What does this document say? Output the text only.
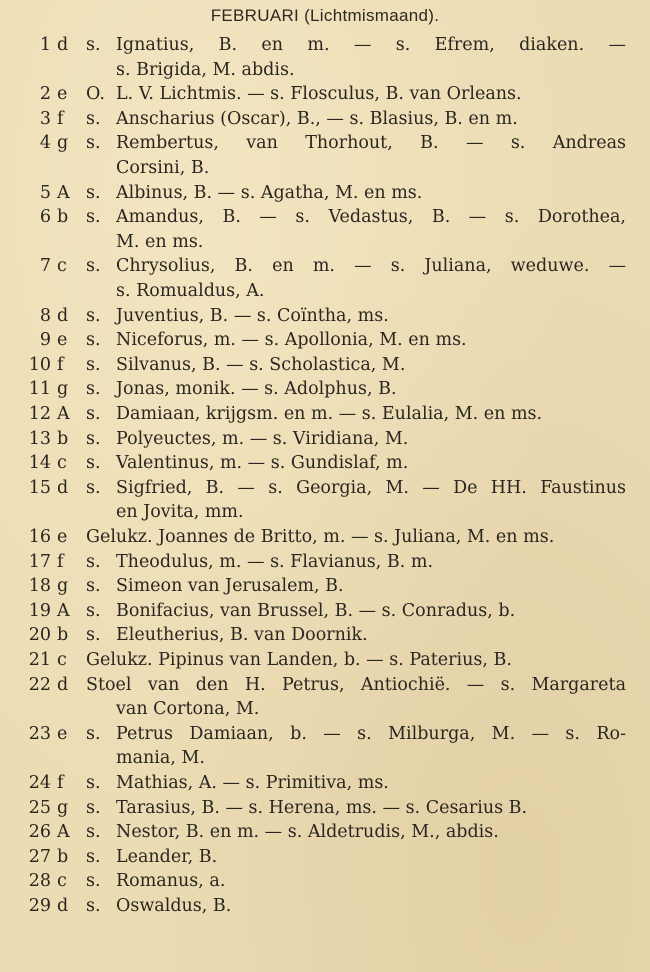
FEBRUARI (Lichtmismaand).
1 d s. Ignatius, B. en m. — s. Efrem, diaken. —
s. Brigida, M. abdis.
2 e O. L. V. Lichtmis. — s. Flosculus, B. van Orleans.
3 f s. Anscharius (Oscar), B., — s. Blasius, B. en m.
4 g s. Rembertus, van Thorhout, B. — s. Andreas
Corsini, B.
5 A s. Albinus, B. — s. Agatha, M. en ms.
6 b s. Amandus, B. — s. Vedastus, B. — s. Dorothea,
M. en ms.
7 c s. Chrysolius, B. en m. — s. Juliana, weduwe. —
s. Romualdus, A.
8 d s. Juventius, B. — s. Coïntha, ms.
9 e s. Niceforus, m. — s. Apollonia, M. en ms.
10 f s. Silvanus, B. — s. Scholastica, M.
11 g s. Jonas, monik. — s. Adolphus, B.
12 A s. Damiaan, krijgsm. en m. — s. Eulalia, M. en ms.
13 b s. Polyeuctes, m. — s. Viridiana, M.
14 c s. Valentinus, m. — s. Gundislaf, m.
15 d s. Sigfried, B. — s. Georgia, M. — De HH. Faustinus
en Jovita, mm.
16 e Gelukz. Joannes de Britto, m. — s. Juliana, M. en ms.
17 f s. Theodulus, m. — s. Flavianus, B. m.
18 g s. Simeon van Jerusalem, B.
19 A s. Bonifacius, van Brussel, B. — s. Conradus, b.
20 b s. Eleutherius, B. van Doornik.
21 c Gelukz. Pipinus van Landen, b. — s. Paterius, B.
22 d Stoel van den H. Petrus, Antiochië. — s. Margareta
van Cortona, M.
23 e s. Petrus Damiaan, b. — s. Milburga, M. — s. Ro-
mania, M.
24 f s. Mathias, A. — s. Primitiva, ms.
25 g s. Tarasius, B. — s. Herena, ms. — s. Cesarius B.
26 A s. Nestor, B. en m. — s. Aldetrudis, M., abdis.
27 b s. Leander, B.
28 c s. Romanus, a.
29 d s. Oswaldus, B.
